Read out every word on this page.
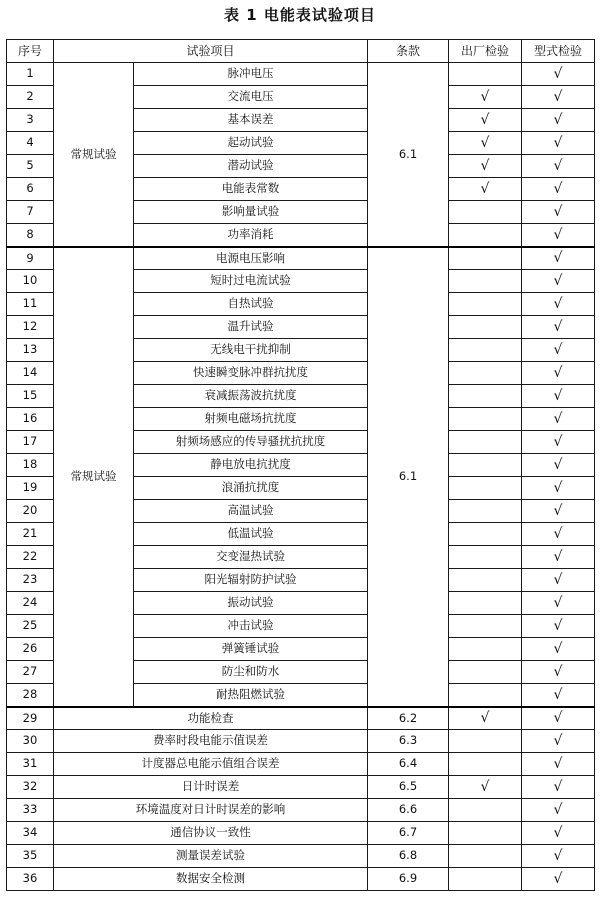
表 1 电能表试验项目
序号	试验项目		条款	出厂检验	型式检验
1	常规试验	脉冲电压	6.1		√
2		交流电压		√	√
3		基本误差		√	√
4		起动试验		√	√
5		潜动试验		√	√
6		电能表常数		√	√
7		影响量试验			√
8		功率消耗			√
9	常规试验	电源电压影响	6.1		√
10		短时过电流试验			√
11		自热试验			√
12		温升试验			√
13		无线电干扰抑制			√
14		快速瞬变脉冲群抗扰度			√
15		衰减振荡波抗扰度			√
16		射频电磁场抗扰度			√
17		射频场感应的传导骚扰抗扰度			√
18		静电放电抗扰度			√
19		浪涌抗扰度			√
20		高温试验			√
21		低温试验			√
22		交变湿热试验			√
23		阳光辐射防护试验			√
24		振动试验			√
25		冲击试验			√
26		弹簧锤试验			√
27		防尘和防水			√
28		耐热阻燃试验			√
29	功能检查		6.2	√	√
30	费率时段电能示值误差		6.3		√
31	计度器总电能示值组合误差		6.4		√
32	日计时误差		6.5	√	√
33	环境温度对日计时误差的影响		6.6		√
34	通信协议一致性		6.7		√
35	测量误差试验		6.8		√
36	数据安全检测		6.9		√
